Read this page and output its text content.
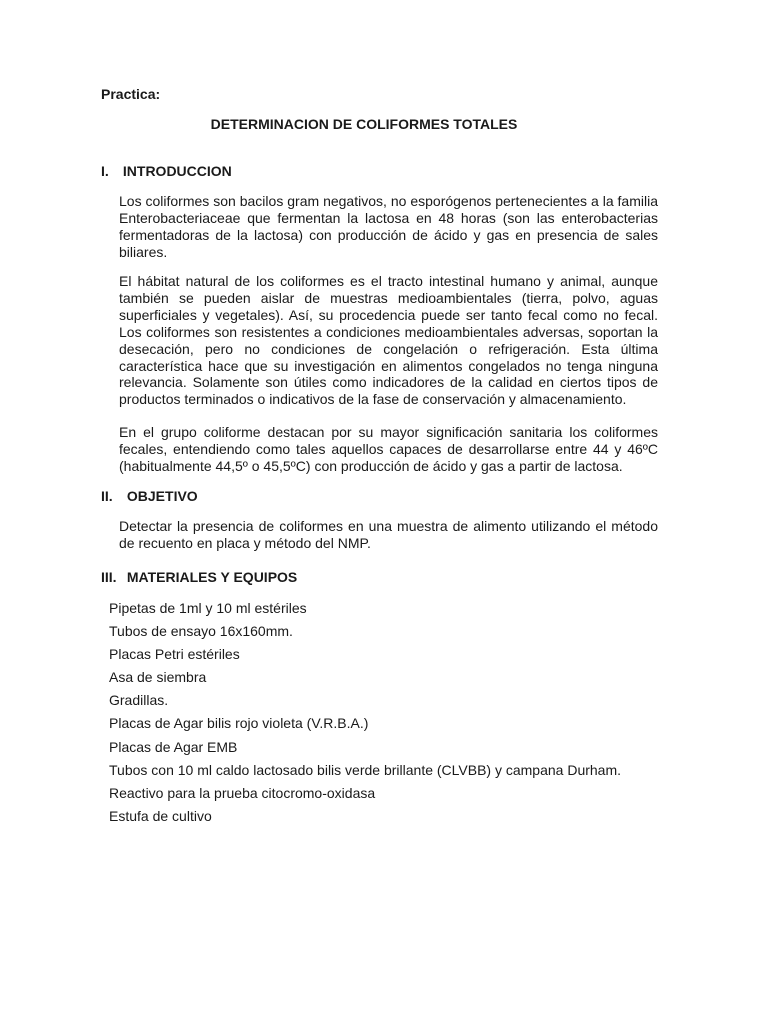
Practica:

DETERMINACION DE COLIFORMES TOTALES

I. INTRODUCCION

Los coliformes son bacilos gram negativos, no esporógenos pertenecientes a la familia Enterobacteriaceae que fermentan la lactosa en 48 horas (son las enterobacterias fermentadoras de la lactosa) con producción de ácido y gas en presencia de sales biliares.

El hábitat natural de los coliformes es el tracto intestinal humano y animal, aunque también se pueden aislar de muestras medioambientales (tierra, polvo, aguas superficiales y vegetales). Así, su procedencia puede ser tanto fecal como no fecal. Los coliformes son resistentes a condiciones medioambientales adversas, soportan la desecación, pero no condiciones de congelación o refrigeración. Esta última característica hace que su investigación en alimentos congelados no tenga ninguna relevancia. Solamente son útiles como indicadores de la calidad en ciertos tipos de productos terminados o indicativos de la fase de conservación y almacenamiento.

En el grupo coliforme destacan por su mayor significación sanitaria los coliformes fecales, entendiendo como tales aquellos capaces de desarrollarse entre 44 y 46ºC (habitualmente 44,5º o 45,5ºC) con producción de ácido y gas a partir de lactosa.

II. OBJETIVO

Detectar la presencia de coliformes en una muestra de alimento utilizando el método de recuento en placa y método del NMP.

III. MATERIALES Y EQUIPOS
Pipetas de 1ml y 10 ml estériles
Tubos de ensayo 16x160mm.
Placas Petri estériles
Asa de siembra
Gradillas.
Placas de Agar bilis rojo violeta (V.R.B.A.)
Placas de Agar EMB
Tubos con 10 ml caldo lactosado bilis verde brillante (CLVBB) y campana Durham.
Reactivo para la prueba citocromo-oxidasa
Estufa de cultivo
